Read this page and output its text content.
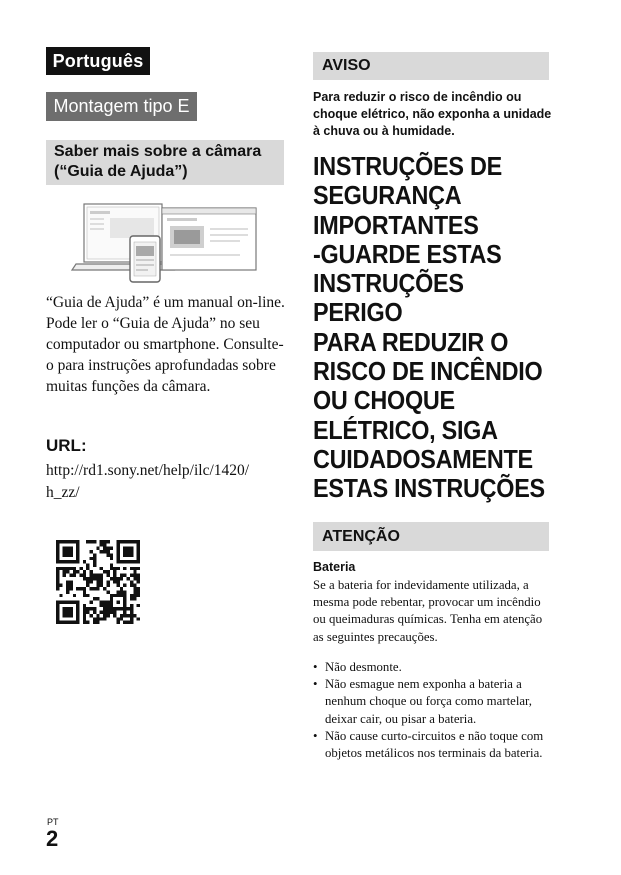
Português
Montagem tipo E
Saber mais sobre a câmara
(“Guia de Ajuda”)
“Guia de Ajuda” é um manual on-line. Pode ler o “Guia de Ajuda” no seu computador ou smartphone. Consulte-o para instruções aprofundadas sobre muitas funções da câmara.
URL:
http://rd1.sony.net/help/ilc/1420/
h_zz/
PT
2
AVISO
Para reduzir o risco de incêndio ou choque elétrico, não exponha a unidade à chuva ou à humidade.
INSTRUÇÕES DE
SEGURANÇA
IMPORTANTES
-GUARDE ESTAS
INSTRUÇÕES
PERIGO
PARA REDUZIR O
RISCO DE INCÊNDIO
OU CHOQUE
ELÉTRICO, SIGA
CUIDADOSAMENTE
ESTAS INSTRUÇÕES
ATENÇÃO
Bateria
Se a bateria for indevidamente utilizada, a mesma pode rebentar, provocar um incêndio ou queimaduras químicas. Tenha em atenção as seguintes precauções.
• Não desmonte.
• Não esmague nem exponha a bateria a nenhum choque ou força como martelar, deixar cair, ou pisar a bateria.
• Não cause curto-circuitos e não toque com objetos metálicos nos terminais da bateria.
